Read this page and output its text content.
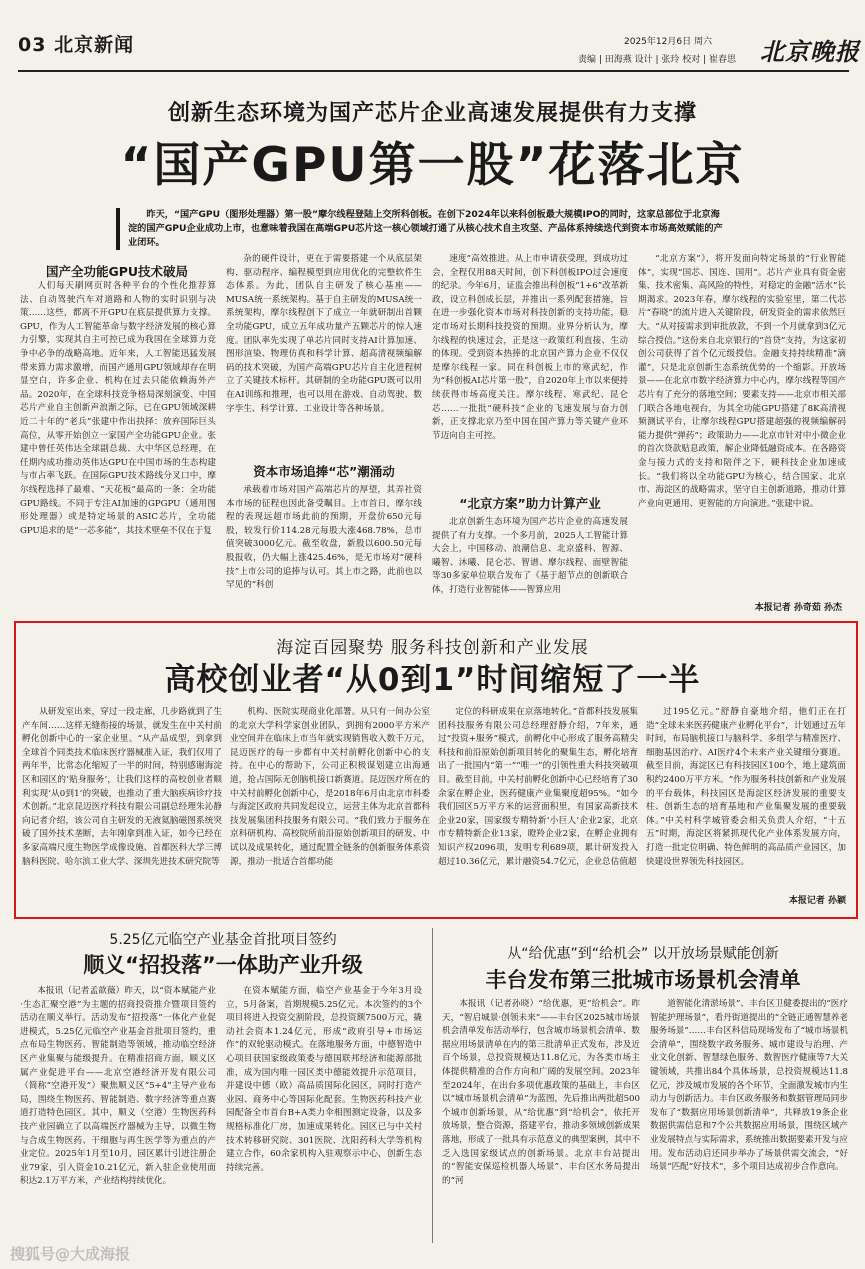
03 北京新闻	2025年12月6日 周六
责编 | 田海燕 设计 | 张玲 校对 | 崔春思 北京晚报
创新生态环境为国产芯片企业高速发展提供有力支撑
“国产GPU第一股”花落北京
昨天，“国产GPU（图形处理器）第一股”摩尔线程登陆上交所科创板。在创下2024年以来科创板最大规模IPO的同时，这家总部位于北京海淀的国产GPU企业成功上市，也意味着我国在高端GPU芯片这一核心领域打通了从核心技术自主攻坚、产品体系持续迭代到资本市场高效赋能的产业闭环。
国产全功能GPU技术破局

人们每天刷网页时各种平台的个性化推荐算法、自动驾驶汽车对道路和人物的实时识别与决策……这些，都离不开GPU在底层提供算力支撑。GPU，作为人工智能革命与数字经济发展的核心算力引擎，实现其自主可控已成为我国在全球算力竞争中必争的战略高地。近年来，人工智能迅猛发展带来算力需求激增，而国产通用GPU领域却存在明显空白，许多企业、机构在过去只能依赖海外产品。2020年，在全球科技竞争格局深刻演变、中国芯片产业自主创新声浪渐之际，已在GPU领域深耕近二十年的“老兵”张建中作出抉择：放弃国际巨头高位，从零开始创立一家国产全功能GPU企业。张建中曾任英伟达全球副总裁、大中华区总经理，在任期内成功推动英伟达GPU在中国市场的生态构建与市占率飞跃。在国际GPU技术路线分叉口中，摩尔线程选择了最难、“天花板”最高的一条：全功能GPU路线。不同于专注AI加速的GPGPU（通用图形处理器）或是特定场景的ASIC芯片，全功能GPU追求的是“一芯多能”，其技术壁垒不仅在于复

杂的硬件设计，更在于需要搭建一个从底层架构、驱动程序、编程模型到应用优化的完整软件生态体系。为此，团队自主研发了核心基座——MUSA统一系统架构。基于自主研发的MUSA统一系统架构，摩尔线程创下了成立一年就研制出首颗全功能GPU，成立五年成功量产五颗芯片的惊人速度。团队率先实现了单芯片同时支持AI计算加速、图形渲染、物理仿真和科学计算、超高清视频编解码的技术突破，为国产高端GPU芯片自主化进程树立了关键技术标杆。其研制的全功能GPU既可以用在AI训练和推理，也可以用在游戏、自动驾驶、数字孪生、科学计算、工业设计等各种场景。

资本市场追捧“芯”潮涌动

承载着市场对国产高端芯片的厚望，其弄社资本市场的征程也因此备受瞩目。上市首日，摩尔线程的表现远超市场此前的预期，开盘价650元每股，较发行价114.28元每股大涨468.78%，总市值突破3000亿元。截至收盘，新股以600.50元每股报收，仍大幅上涨425.46%，是无市场对“硬科技”上市公司的追捧与认可。其上市之路，此前也以罕见的“科创

速度”高效推进。从上市申请获受理，到成功过会，全程仅用88天时间，创下科创板IPO过会速度的纪录。今年6月，证监会推出科创板“1+6”改革新政，设立科创成长层，并推出一系列配套措施，旨在进一步强化资本市场对科技创新的支持功能，稳定市场对长期科技投资的预期。业界分析认为，摩尔线程的快速过会，正是这一政策红利直接、生动的体现。受到资本热捧的北京国产算力企业不仅仅是摩尔线程一家。同在科创板上市的寒武纪，作为“科创板AI芯片第一股”，自2020年上市以来便持续获得市场高度关注。摩尔线程、寒武纪、昆仑芯……一批批“硬科技”企业的飞速发展与奋力创新，正支撑北京乃至中国在国产算力等关键产业环节迈向自主可控。

“北京方案”助力计算产业

北京创新生态环境为国产芯片企业的高速发展提供了有力支撑。一个多月前，2025人工智能计算大会上，中国移动、浪潮信息、北京盛科、智源、曦智、沐曦、昆仑芯、智谱、摩尔线程、面壁智能等30多家单位联合发布了《基于超节点的创新联合体，打造行业智能体——智算应用

“北京方案”》，将开发面向特定场景的“行业智能体”，实现“国芯、国连、国用”。芯片产业具有资金密集、技术密集、高风险的特性，对稳定的金融“活水”长期渴求。2023年春，摩尔线程的实验室里，第二代芯片“春晓”的流片进入关键阶段，研发资金的需求依然巨大。“从对接需求到审批放款，不到一个月就拿到3亿元综合授信。”这份来自北京银行的“首贷”支持，为这家初创公司获得了首个亿元级授信。金融支持持续精准“滴灌”，只是北京创新生态系统优势的一个缩影。开放场景——在北京市数字经济算力中心内，摩尔线程等国产芯片有了充分的落地空间；要素支持——北京市相关部门联合各地电视台，为其全功能GPU搭建了8K高清视频测试平台，让摩尔线程GPU搭建超强的视频编解码能力提供“弹药”；政策助力——北京市针对中小微企业的首次贷款贴息政策，解企业降低融资成本。在各路资金与接力式的支持和陪伴之下，硬科技企业加速成长。“我们将以全功能GPU为核心，结合国家、北京市、海淀区的战略需求，坚守自主创新道路，推动计算产业向更通用、更智能的方向演进。”张建中说。

本报记者 孙奇茹 孙杰
海淀百园聚势 服务科技创新和产业发展
高校创业者“从0到1”时间缩短了一半

从研发室出来，穿过一段走廊，几步路就到了生产车间……这样无缝衔接的场景，就发生在中关村前孵化创新中心的一家企业里。“从产品成型，到拿到全球首个同类技术临床医疗器械准入证，我们仅用了两年半，比常态化缩短了一半的时间，特别感谢海淀区和园区的‘贴身服务’，让我们这样的高校创业者顺利实现‘从0到1’的突破，也推动了重大脑疾病诊疗技术创新。”北京昆迈医疗科技有限公司副总经理朱沁静向记者介绍，该公司自主研发的无液氦脑磁图系统突破了国外技术垄断，去年刚拿到准入证，如今已经在多家高端尺度生物医学成像设施、首都医科大学三博脑科医院、哈尔滨工业大学、深圳先进技术研究院等

机构、医院实现商业化部署。从只有一间办公室的北京大学科学家创业团队，到拥有2000平方米产业空间并在临床上市当年就实现销售收入数千万元，昆迈医疗的每一步都有中关村前孵化创新中心的支持。在中心的帮助下，公司正积极谋划建立出海通道，抢占国际无创脑机接口新赛道。昆迈医疗所在的中关村前孵化创新中心，是2018年6月由北京市科委与海淀区政府共同发起设立，运营主体为北京首都科技发展集团科技服务有限公司。“我们致力于服务在京科研机构、高校院所前沿原始创新项目的研发、中试以及成果转化，通过配置全链条的创新服务体系资源，推动一批适合首都功能

定位的科研成果在京落地转化。”首都科技发展集团科技服务有限公司总经理舒静介绍，7年来，通过“投资+服务”模式，前孵化中心形成了服务高精尖科技和前沿原始创新项目转化的聚集生态，孵化培育出了一批国内“第一”“唯一”的引领性重大科技突破项目。截至目前，中关村前孵化创新中心已经培育了30余家在孵企业，医药健康产业集聚度超95%。“如今我们园区5万平方米的运营面积里，有国家高新技术企业20家，国家级专精特新‘小巨人’企业2家，北京市专精特新企业13家，瞪羚企业2家，在孵企业拥有知识产权2096项，发明专利689项，累计研发投入超过10.36亿元，累计融资54.7亿元，企业总估值超

过195亿元。”舒静自豪地介绍，他们正在打造“全球未来医药健康产业孵化平台”，计划通过五年时间，布局脑机接口与脑科学、多组学与精准医疗、细胞基因治疗、AI医疗4个未来产业关键细分赛道。截至目前，海淀区已有科技园区100个，地上建筑面积约2400万平方米。“作为服务科技创新和产业发展的平台载体，科技园区是海淀区经济发展的重要支柱、创新生态的培育基地和产业集聚发展的重要载体。”中关村科学城管委会相关负责人介绍，“十五五”时期，海淀区将紧抓现代化产业体系发展方向，打造一批定位明确、特色鲜明的高品质产业园区，加快建设世界领先科技园区。

本报记者 孙颖
5.25亿元临空产业基金首批项目签约
顺义“招投落”一体助产业升级

本报讯（记者孟歆薇）昨天，以“资本赋能产业·生态汇聚空港”为主题的招商投资推介暨项目签约活动在顺义举行。活动发布“招投落”一体化产业促进模式，5.25亿元临空产业基金首批项目签约，重点布局生物医药、智能制造等领域，推动临空经济区产业集聚与能级提升。在精准招商方面，顺义区属产业促进平台——北京空港经济开发有限公司（简称“空港开发”）聚焦顺义区“5+4”主导产业布局，围绕生物医药、智能制造、数字经济等重点赛道打造特色园区。其中，顺义（空港）生物医药科技产业园确立了以高端医疗器械为主导，以微生物与合成生物医药、干细胞与再生医学等为重点的产业定位。2025年1月至10月，园区累计引进注册企业79家，引入资金10.21亿元，新入驻企业使用面积达2.1万平方米，产业结构持续优化。

在资本赋能方面，临空产业基金于今年3月设立，5月备案，首期规模5.25亿元。本次签约的3个项目将进入投资交割阶段，总投资额7500万元，撬动社会资本1.24亿元，形成“政府引导+市场运作”的双轮驱动模式。在落地服务方面，中德智造中心项目获国家级政策委与德国联邦经济和能源部批准，成为国内唯一园区类中德能效提升示范项目，并建设中德（欧）高品质国际化园区，同时打造产业园、商务中心等国际化配套。生物医药科技产业园配备全市首台B+A类力伞相图测定设备，以及多规格标准化厂房，加速成果转化。园区已与中关村技术转移研究院、301医院、沈阳药科大学等机构建立合作，60余家机构入驻观察示中心，创新生态持续完善。

从“给优惠”到“给机会” 以开放场景赋能创新
丰台发布第三批城市场景机会清单

本报讯（记者孙晓）“给优惠，更“给机会”。昨天，“智启城景·创领未来”——丰台区2025城市场景机会清单发布活动举行，包含城市场景机会清单、数据应用场景清单在内的第三批清单正式发布，涉及近百个场景，总投资规模达11.8亿元，为各类市场主体提供精准的合作方向和广阔的发展空间。2023年至2024年，在出台多项优惠政策的基础上，丰台区以“城市场景机会清单”为蓝图，先后推出两批超500个城市创新场景，从“给优惠”到“给机会”，依托开放场景，整合资源，搭建平台，推动多领域创新成果落地，形成了一批具有示范意义的典型案例，其中不乏入选国家级试点的创新场景。北京丰台站提出的“智能安保巡检机器人场景”、丰台区水务局提出的“河

道智能化清淤场景”、丰台区卫健委提出的“医疗智能护理场景”，看丹街道提出的“全链正通智慧养老服务场景”……丰台区科信局现场发布了“城市场景机会清单”，围绕数字政务服务、城市建设与治理、产业文化创新、智慧绿色服务、数智医疗健康等7大关键领域，共推出84个具体场景，总投资规模达11.8亿元，涉及城市发展的各个环节，全面激发城市内生动力与创新活力。丰台区政务服务和数据管理局同步发布了“数据应用场景创新清单”，共释放19条企业数据供需信息和7个公共数据应用场景，围绕区域产业发展特点与实际需求，系统推出数据要素开发与应用。发布活动启还同步举办了场景供需交流会，“好场景”匹配“好技术”，多个项目达成初步合作意向。

搜狐号@大成海报
